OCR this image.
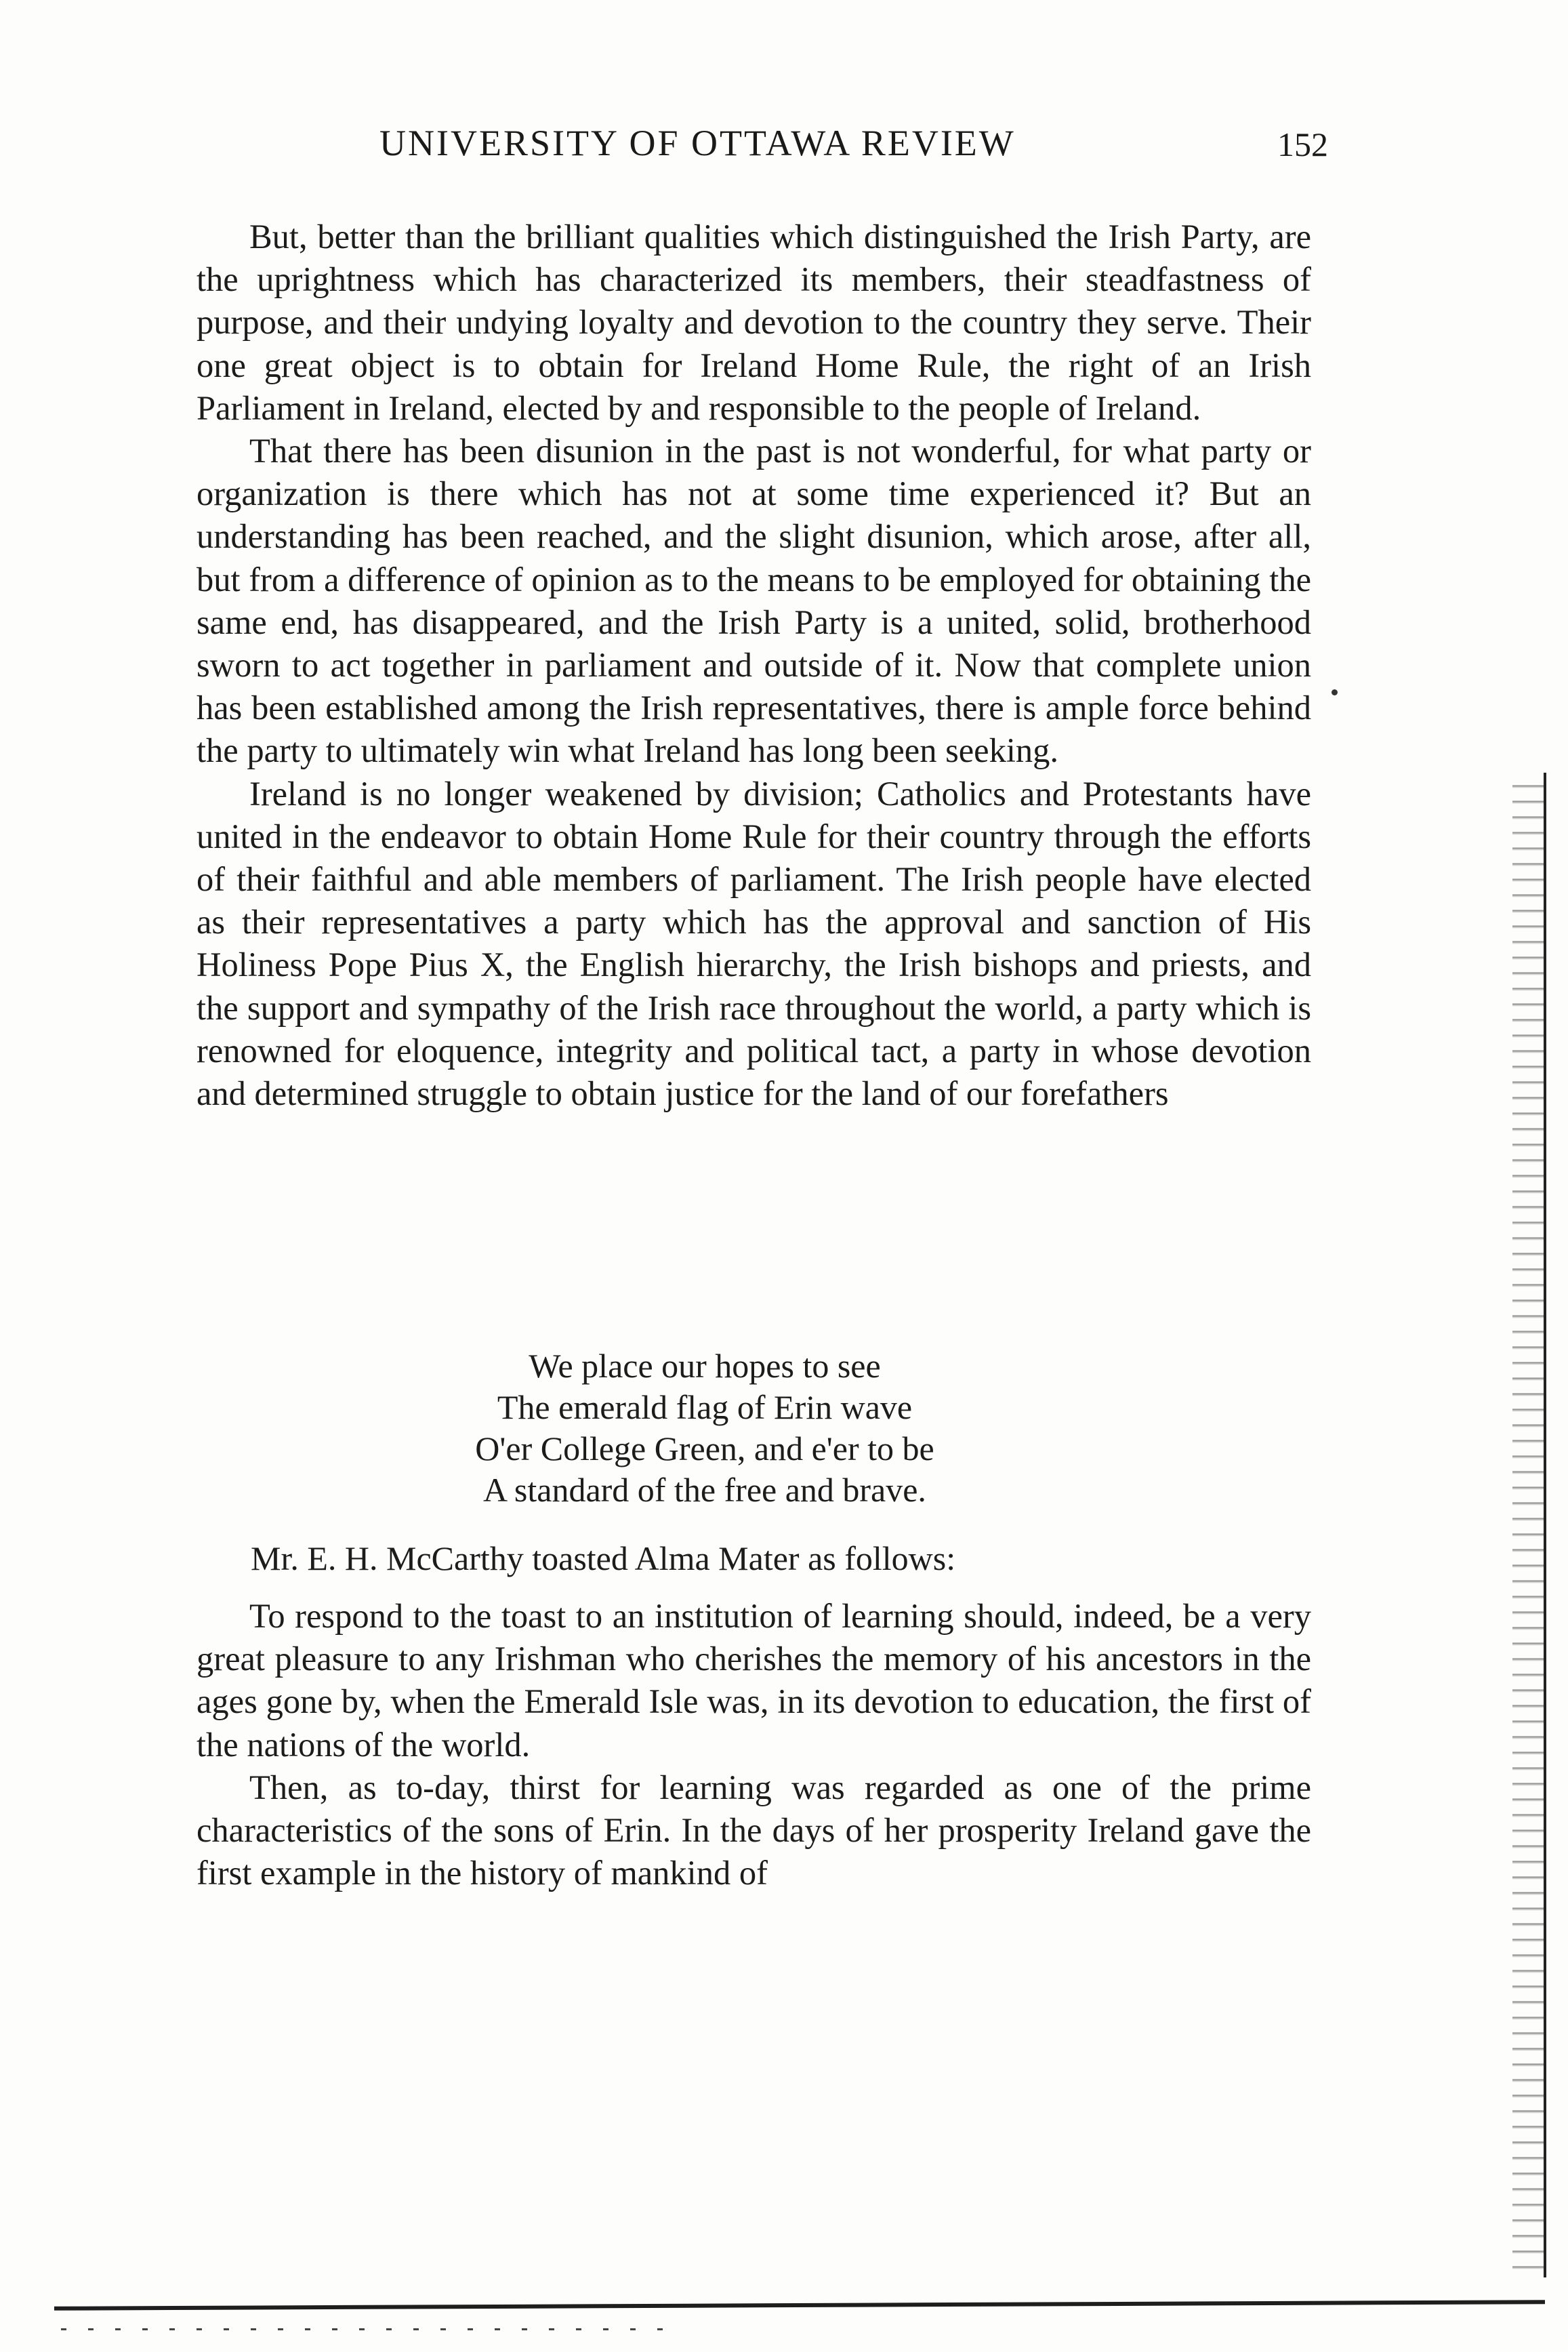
UNIVERSITY OF OTTAWA REVIEW	152

But, better than the brilliant qualities which distinguished the Irish Party, are the uprightness which has characterized its members, their steadfastness of purpose, and their undying loyalty and devotion to the country they serve. Their one great object is to obtain for Ireland Home Rule, the right of an Irish Parliament in Ireland, elected by and responsible to the people of Ireland.

That there has been disunion in the past is not wonderful, for what party or organization is there which has not at some time experienced it? But an understanding has been reached, and the slight disunion, which arose, after all, but from a difference of opinion as to the means to be employed for obtaining the same end, has disappeared, and the Irish Party is a united, solid, brotherhood sworn to act together in parliament and outside of it. Now that complete union has been established among the Irish representatives, there is ample force behind the party to ultimately win what Ireland has long been seeking.

Ireland is no longer weakened by division; Catholics and Protestants have united in the endeavor to obtain Home Rule for their country through the efforts of their faithful and able members of parliament. The Irish people have elected as their representatives a party which has the approval and sanction of His Holiness Pope Pius X, the English hierarchy, the Irish bishops and priests, and the support and sympathy of the Irish race throughout the world, a party which is renowned for eloquence, integrity and political tact, a party in whose devotion and determined struggle to obtain justice for the land of our forefathers

We place our hopes to see
The emerald flag of Erin wave
O'er College Green, and e'er to be
A standard of the free and brave.
Mr. E. H. McCarthy toasted Alma Mater as follows:

To respond to the toast to an institution of learning should, indeed, be a very great pleasure to any Irishman who cherishes the memory of his ancestors in the ages gone by, when the Emerald Isle was, in its devotion to education, the first of the nations of the world.

Then, as to-day, thirst for learning was regarded as one of the prime characteristics of the sons of Erin. In the days of her prosperity Ireland gave the first example in the history of mankind of
